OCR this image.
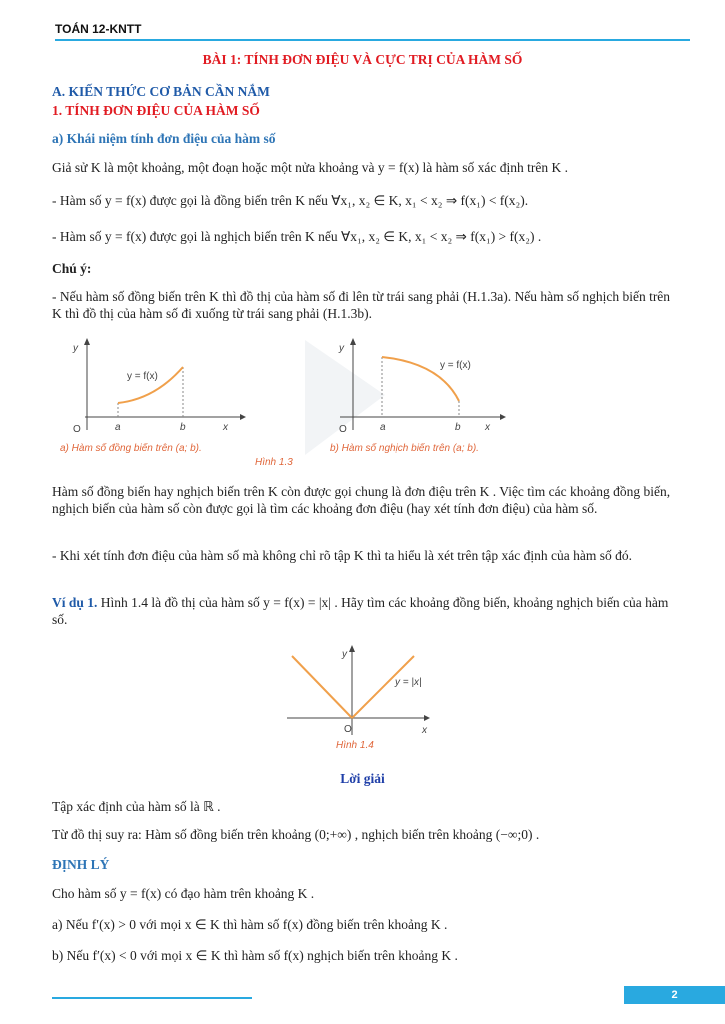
TOÁN 12-KNTT
BÀI 1: TÍNH ĐƠN ĐIỆU VÀ CỰC TRỊ CỦA HÀM SỐ
A. KIẾN THỨC CƠ BẢN CẦN NẮM
1. TÍNH ĐƠN ĐIỆU CỦA HÀM SỐ
a) Khái niệm tính đơn điệu của hàm số
Giả sử K là một khoảng, một đoạn hoặc một nửa khoảng và y = f(x) là hàm số xác định trên K .
- Hàm số y = f(x) được gọi là đồng biến trên K nếu ∀x₁, x₂ ∈ K, x₁ < x₂ ⇒ f(x₁) < f(x₂).
- Hàm số y = f(x) được gọi là nghịch biến trên K nếu ∀x₁, x₂ ∈ K, x₁ < x₂ ⇒ f(x₁) > f(x₂) .
Chú ý:
- Nếu hàm số đồng biến trên K thì đồ thị của hàm số đi lên từ trái sang phải (H.1.3a). Nếu hàm số nghịch biến trên K thì đồ thị của hàm số đi xuống từ trái sang phải (H.1.3b).
y = f(x)
y
x
O	a	b
a) Hàm số đồng biến trên (a; b).
y = f(x)
y
x
O	a	b
b) Hàm số nghịch biến trên (a; b).
Hình 1.3
Hàm số đồng biến hay nghịch biến trên K còn được gọi chung là đơn điệu trên K . Việc tìm các khoảng đồng biến, nghịch biến của hàm số còn được gọi là tìm các khoảng đơn điệu (hay xét tính đơn điệu) của hàm số.
- Khi xét tính đơn điệu của hàm số mà không chỉ rõ tập K thì ta hiểu là xét trên tập xác định của hàm số đó.
Ví dụ 1. Hình 1.4 là đồ thị của hàm số y = f(x) = |x| . Hãy tìm các khoảng đồng biến, khoảng nghịch biến của hàm số.
y
x
O
y = |x|
Hình 1.4
Lời giải
Tập xác định của hàm số là ℝ .
Từ đồ thị suy ra: Hàm số đồng biến trên khoảng (0;+∞) , nghịch biến trên khoảng (−∞;0) .
ĐỊNH LÝ
Cho hàm số y = f(x) có đạo hàm trên khoảng K .
a) Nếu f′(x) > 0 với mọi x ∈ K thì hàm số f(x) đồng biến trên khoảng K .
b) Nếu f′(x) < 0 với mọi x ∈ K thì hàm số f(x) nghịch biến trên khoảng K .
2
